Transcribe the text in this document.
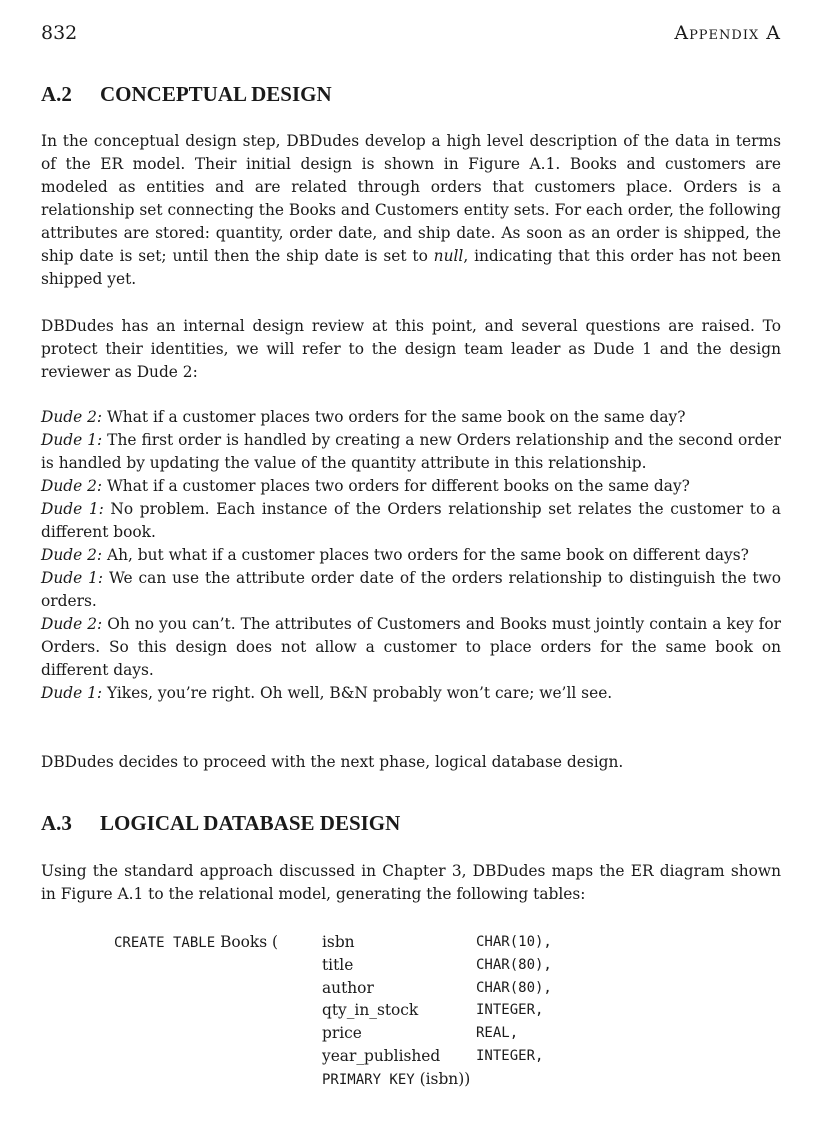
832	Appendix A
A.2 CONCEPTUAL DESIGN

In the conceptual design step, DBDudes develop a high level description of the data in terms of the ER model. Their initial design is shown in Figure A.1. Books and customers are modeled as entities and are related through orders that customers place. Orders is a relationship set connecting the Books and Customers entity sets. For each order, the following attributes are stored: quantity, order date, and ship date. As soon as an order is shipped, the ship date is set; until then the ship date is set to null, indicating that this order has not been shipped yet.

DBDudes has an internal design review at this point, and several questions are raised. To protect their identities, we will refer to the design team leader as Dude 1 and the design reviewer as Dude 2:

Dude 2: What if a customer places two orders for the same book on the same day?

Dude 1: The first order is handled by creating a new Orders relationship and the second order is handled by updating the value of the quantity attribute in this relationship.

Dude 2: What if a customer places two orders for different books on the same day?

Dude 1: No problem. Each instance of the Orders relationship set relates the customer to a different book.

Dude 2: Ah, but what if a customer places two orders for the same book on different days?

Dude 1: We can use the attribute order date of the orders relationship to distinguish the two orders.

Dude 2: Oh no you can’t. The attributes of Customers and Books must jointly contain a key for Orders. So this design does not allow a customer to place orders for the same book on different days.

Dude 1: Yikes, you’re right. Oh well, B&N probably won’t care; we’ll see.

DBDudes decides to proceed with the next phase, logical database design.

A.3 LOGICAL DATABASE DESIGN

Using the standard approach discussed in Chapter 3, DBDudes maps the ER diagram shown in Figure A.1 to the relational model, generating the following tables:

CREATE TABLE Books (	isbn	CHAR(10),
title	CHAR(80),
author	CHAR(80),
qty_in_stock	INTEGER,
price	REAL,
year_published	INTEGER,
PRIMARY KEY (isbn))
